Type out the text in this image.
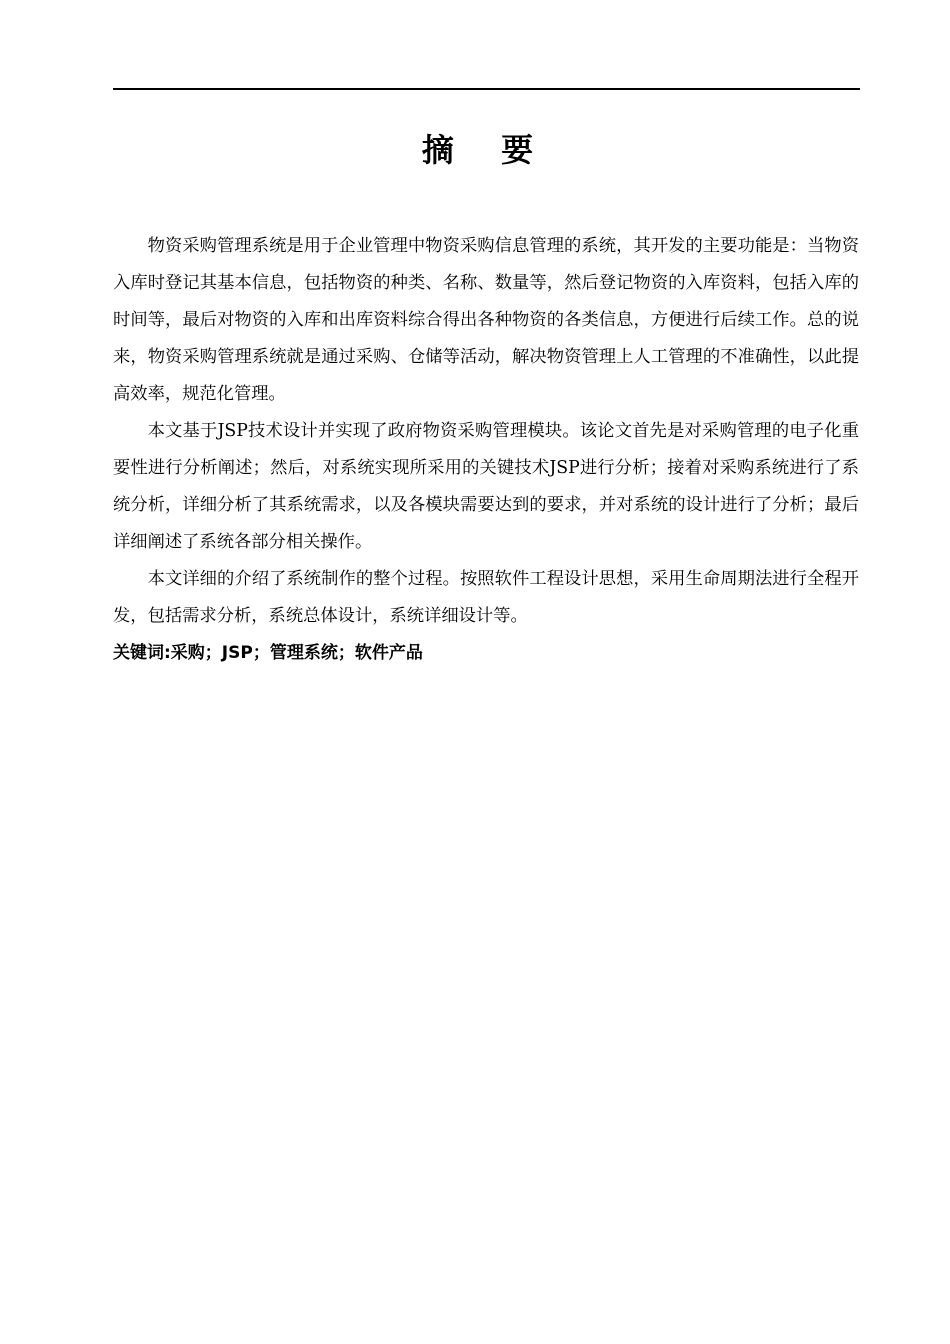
摘 要

物资采购管理系统是用于企业管理中物资采购信息管理的系统，其开发的主要功能是：当物资入库时登记其基本信息，包括物资的种类、名称、数量等，然后登记物资的入库资料，包括入库的时间等，最后对物资的入库和出库资料综合得出各种物资的各类信息，方便进行后续工作。总的说来，物资采购管理系统就是通过采购、仓储等活动，解决物资管理上人工管理的不准确性，以此提高效率，规范化管理。

本文基于JSP技术设计并实现了政府物资采购管理模块。该论文首先是对采购管理的电子化重要性进行分析阐述；然后，对系统实现所采用的关键技术JSP进行分析；接着对采购系统进行了系统分析，详细分析了其系统需求，以及各模块需要达到的要求，并对系统的设计进行了分析；最后详细阐述了系统各部分相关操作。

本文详细的介绍了系统制作的整个过程。按照软件工程设计思想，采用生命周期法进行全程开发，包括需求分析，系统总体设计，系统详细设计等。

关键词:采购；JSP；管理系统；软件产品
